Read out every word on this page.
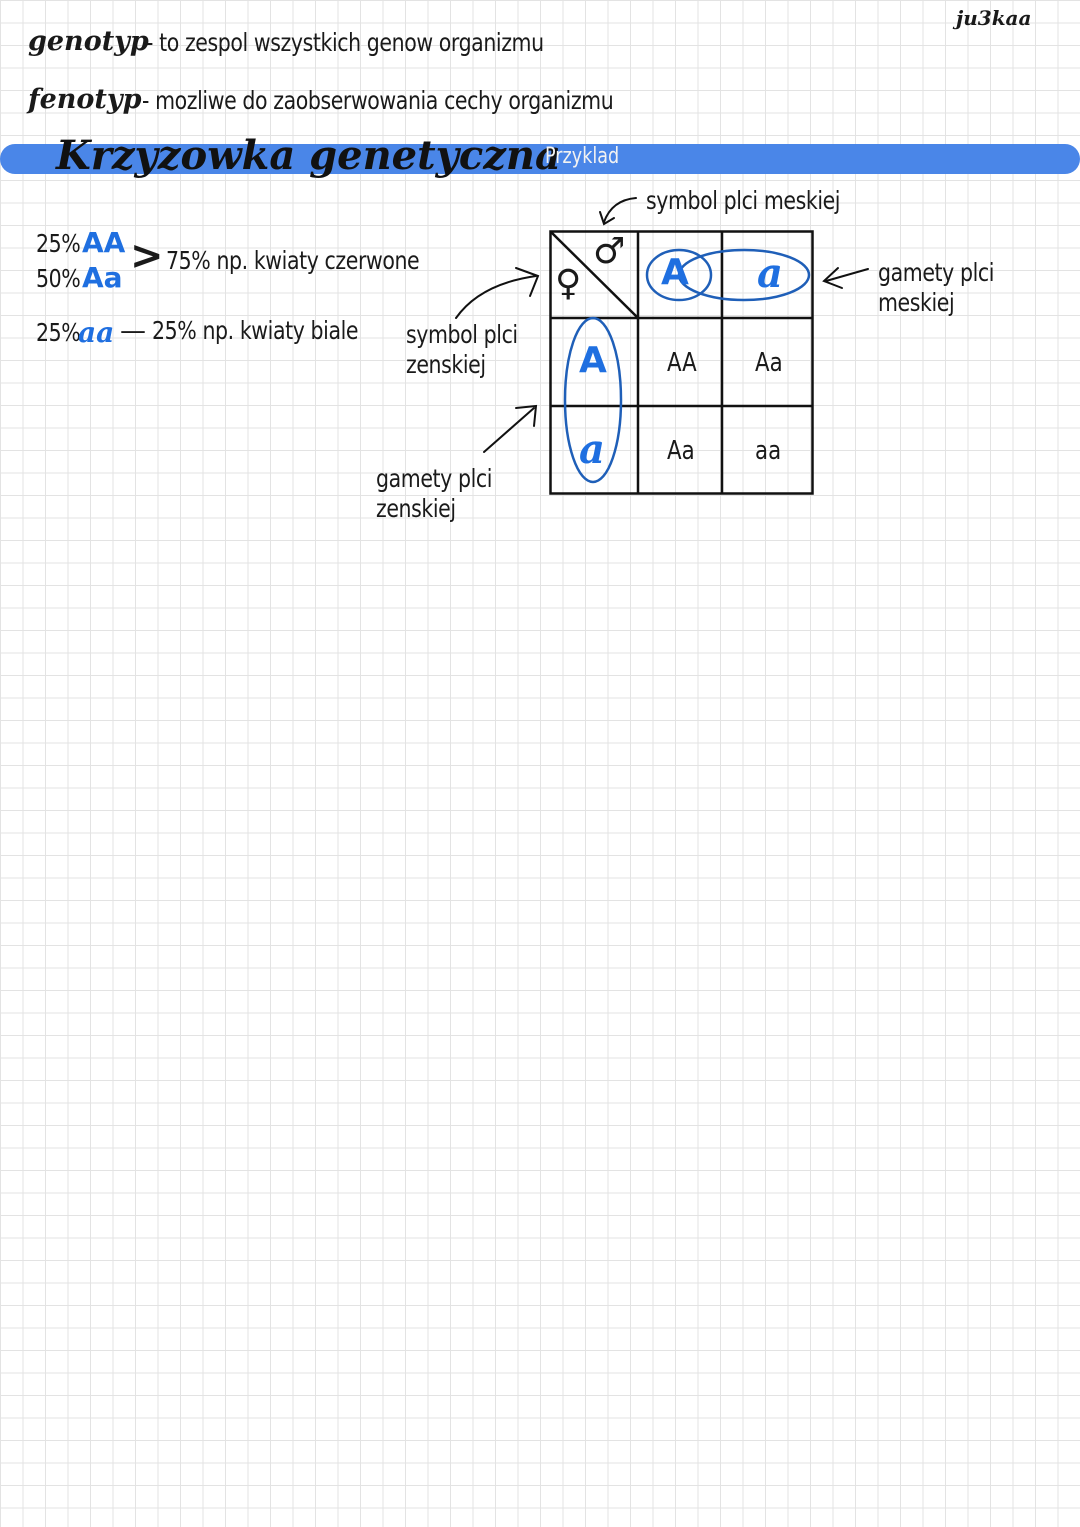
ju3kaa
genotyp
- to zespol wszystkich genow organizmu
fenotyp - mozliwe do zaobserwowania cechy organizmu
Krzyzowka genetyczna
Przyklad
25% AA
50% Aa > 75% np. kwiaty czerwone
25%
aa — 25% np. kwiaty biale
symbol plci meskiej
symbol plci
zenskiej
gamety plci
meskiej
gamety plci
zenskiej
♀
♂
A a
A
a
AA Aa
Aa aa
